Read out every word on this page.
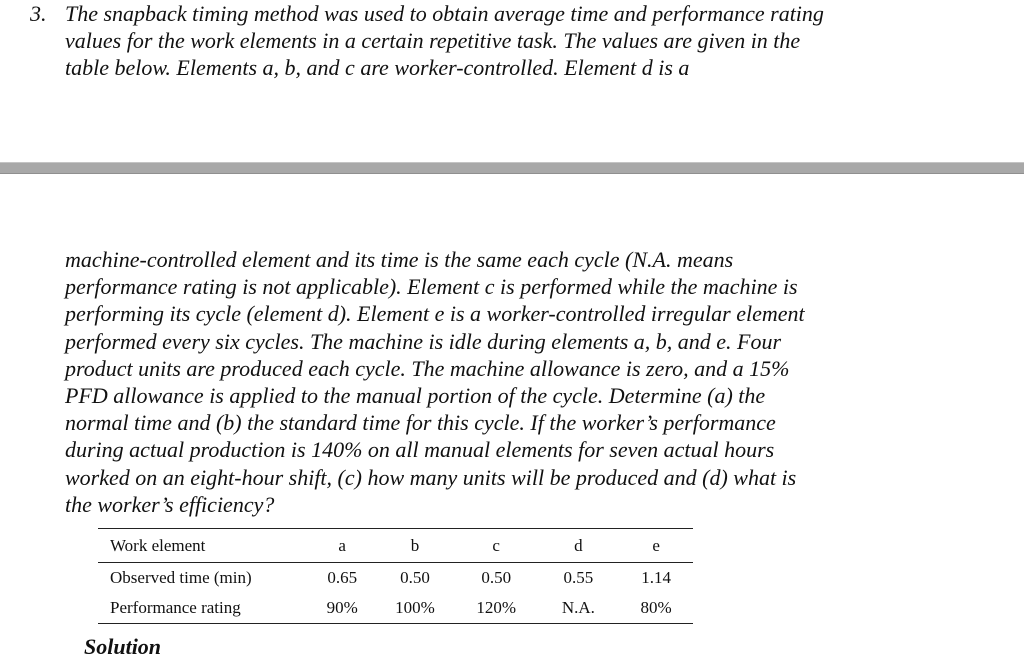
3. The snapback timing method was used to obtain average time and performance rating
values for the work elements in a certain repetitive task. The values are given in the
table below. Elements a, b, and c are worker-controlled. Element d is a
machine-controlled element and its time is the same each cycle (N.A. means
performance rating is not applicable). Element c is performed while the machine is
performing its cycle (element d). Element e is a worker-controlled irregular element
performed every six cycles. The machine is idle during elements a, b, and e. Four
product units are produced each cycle. The machine allowance is zero, and a 15%
PFD allowance is applied to the manual portion of the cycle. Determine (a) the
normal time and (b) the standard time for this cycle. If the worker’s performance
during actual production is 140% on all manual elements for seven actual hours
worked on an eight-hour shift, (c) how many units will be produced and (d) what is
the worker’s efficiency?
Work element	a	b	c	d	e
Observed time (min)	0.65	0.50	0.50	0.55	1.14
Performance rating	90%	100%	120%	N.A.	80%
Solution
